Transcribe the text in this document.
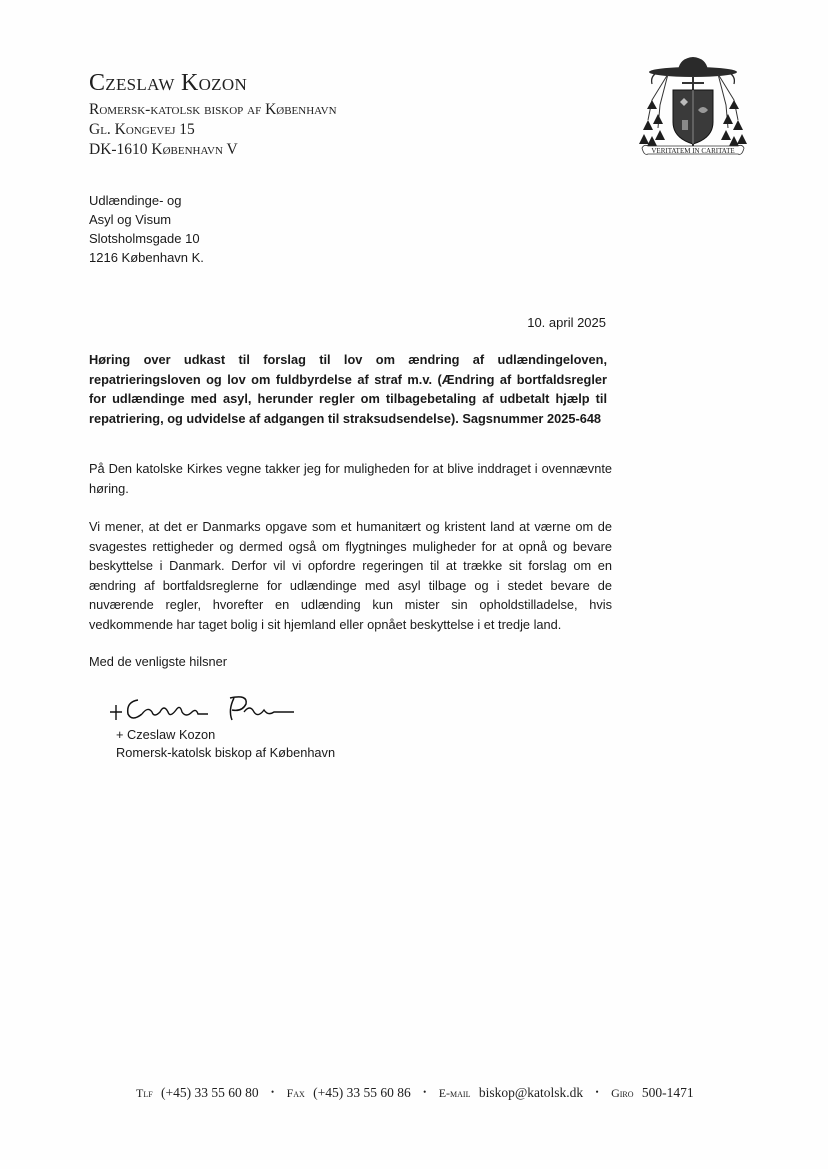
Czeslaw Kozon
Romersk-katolsk biskop af København
Gl. Kongevej 15
DK-1610 København V	VERITATEM IN CARITATE
Udlændinge- og
Asyl og Visum
Slotsholmsgade 10
1216 København K.
10. april 2025
Høring over udkast til forslag til lov om ændring af udlændingeloven, repatrieringsloven og lov om fuldbyrdelse af straf m.v. (Ændring af bortfaldsregler for udlændinge med asyl, herunder regler om tilbagebetaling af udbetalt hjælp til repatriering, og udvidelse af adgangen til straksudsendelse). Sagsnummer 2025-648
På Den katolske Kirkes vegne takker jeg for muligheden for at blive inddraget i ovennævnte høring.
Vi mener, at det er Danmarks opgave som et humanitært og kristent land at værne om de svagestes rettigheder og dermed også om flygtninges muligheder for at opnå og bevare beskyttelse i Danmark. Derfor vil vi opfordre regeringen til at trække sit forslag om en ændring af bortfaldsreglerne for udlændinge med asyl tilbage og i stedet bevare de nuværende regler, hvorefter en udlænding kun mister sin opholdstilladelse, hvis vedkommende har taget bolig i sit hjemland eller opnået beskyttelse i et tredje land.
Med de venligste hilsner
+ Czeslaw Kozon
Romersk-katolsk biskop af København
Tlf (+45) 33 55 60 80 • Fax (+45) 33 55 60 86 • E-mail biskop@katolsk.dk • Giro 500-1471
